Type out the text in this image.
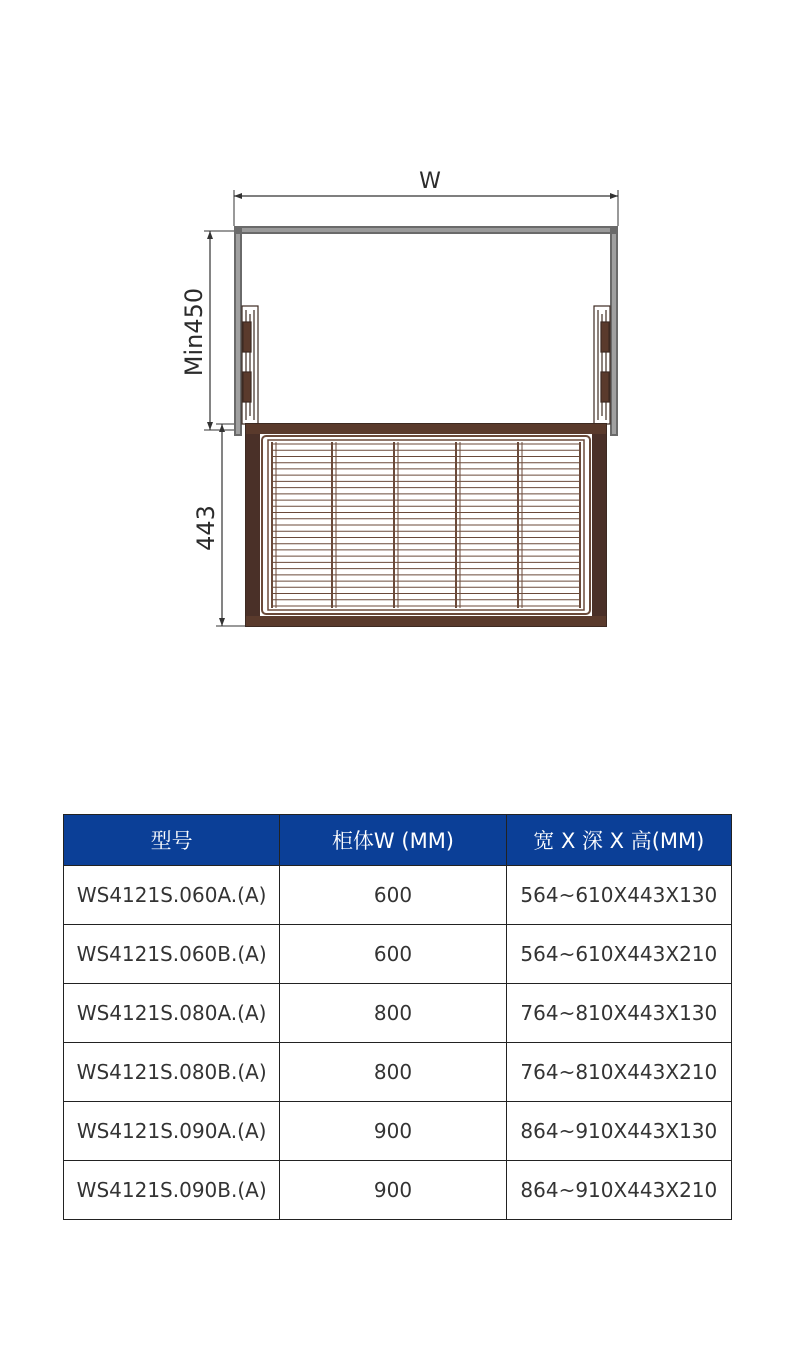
W
Min450
443
型号	柜体W (MM)	宽 X 深 X 高(MM)
WS4121S.060A.(A)	600	564~610X443X130
WS4121S.060B.(A)	600	564~610X443X210
WS4121S.080A.(A)	800	764~810X443X130
WS4121S.080B.(A)	800	764~810X443X210
WS4121S.090A.(A)	900	864~910X443X130
WS4121S.090B.(A)	900	864~910X443X210
